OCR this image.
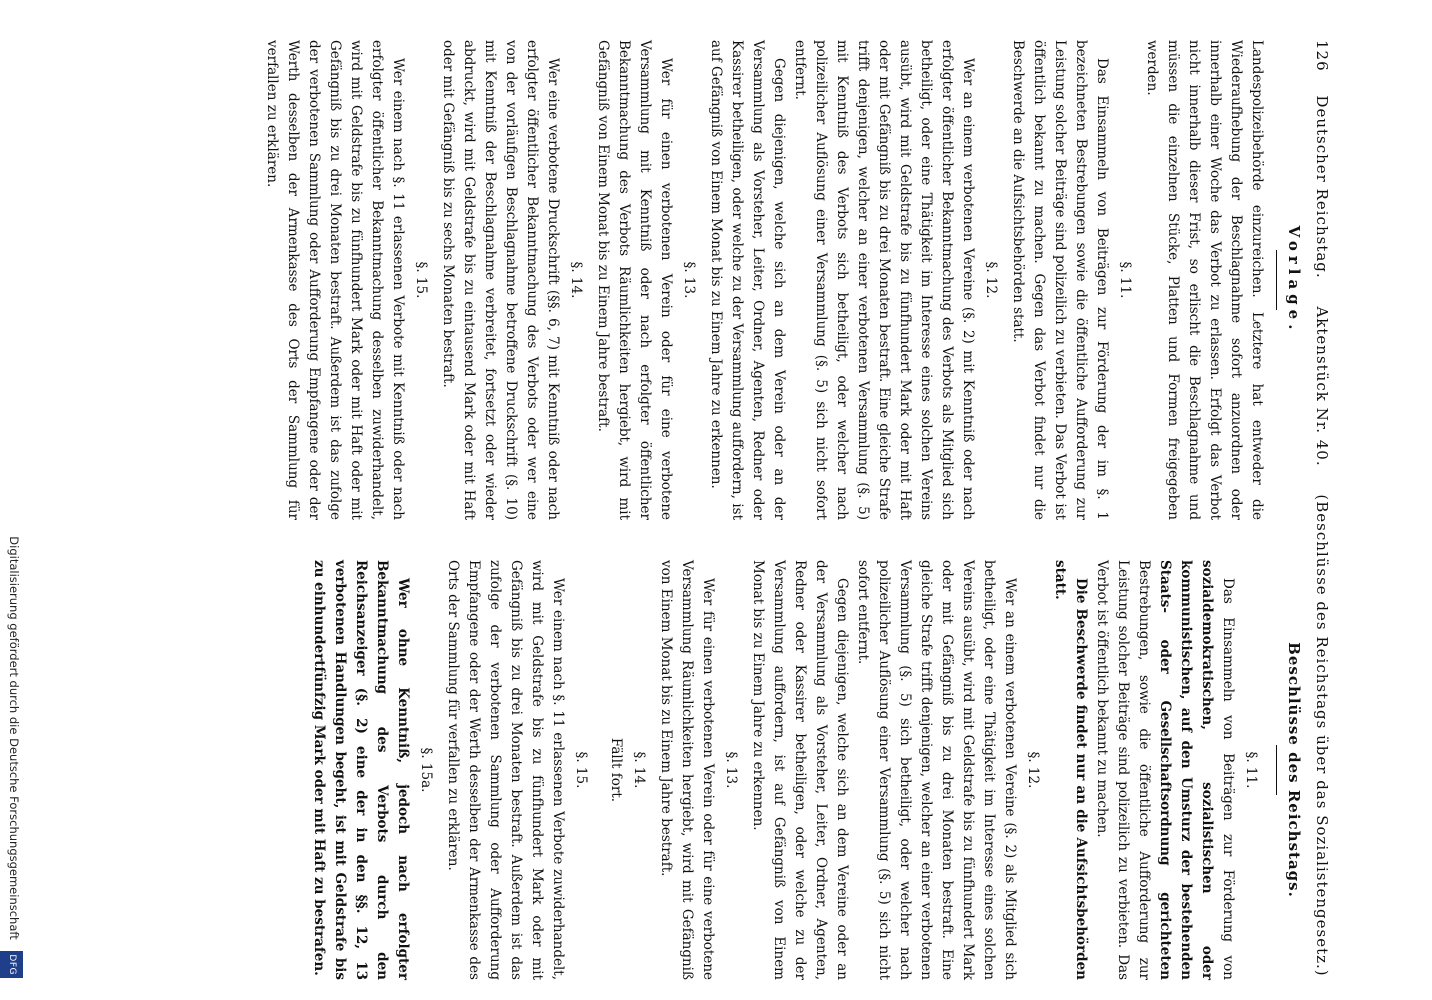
126 Deutscher Reichstag. Aktenstück Nr. 40. (Beschlüsse des Reichstags über das Sozialistengesetz.)
Vorlage.

Landespolizeibehörde einzureichen. Letztere hat entweder die Wiederaufhebung der Beschlagnahme sofort anzuordnen oder innerhalb einer Woche das Verbot zu erlassen. Erfolgt das Verbot nicht innerhalb dieser Frist, so erlischt die Beschlagnahme und müssen die einzelnen Stücke, Platten und Formen freigegeben werden.

§. 11.

Das Einsammeln von Beiträgen zur Förderung der im §. 1 bezeichneten Bestrebungen sowie die öffentliche Aufforderung zur Leistung solcher Beiträge sind polizeilich zu verbieten. Das Verbot ist öffentlich bekannt zu machen. Gegen das Verbot findet nur die Beschwerde an die Aufsichtsbehörden statt.

§. 12.

Wer an einem verbotenen Vereine (§. 2) mit Kenntniß oder nach erfolgter öffentlicher Bekanntmachung des Verbots als Mitglied sich betheiligt, oder eine Thätigkeit im Interesse eines solchen Vereins ausübt, wird mit Geldstrafe bis zu fünfhundert Mark oder mit Haft oder mit Gefängniß bis zu drei Monaten bestraft. Eine gleiche Strafe trifft denjenigen, welcher an einer verbotenen Versammlung (§. 5) mit Kenntniß des Verbots sich betheiligt, oder welcher nach polizeilicher Auflösung einer Versammlung (§. 5) sich nicht sofort entfernt.

Gegen diejenigen, welche sich an dem Verein oder an der Versammlung als Vorsteher, Leiter, Ordner, Agenten, Redner oder Kassirer betheiligen, oder welche zu der Versammlung auffordern, ist auf Gefängniß von Einem Monat bis zu Einem Jahre zu erkennen.

§. 13.

Wer für einen verbotenen Verein oder für eine verbotene Versammlung mit Kenntniß oder nach erfolgter öffentlicher Bekanntmachung des Verbots Räumlichkeiten hergiebt, wird mit Gefängniß von Einem Monat bis zu Einem Jahre bestraft.

§. 14.

Wer eine verbotene Druckschrift (§§. 6, 7) mit Kenntniß oder nach erfolgter öffentlicher Bekanntmachung des Verbots oder wer eine von der vorläufigen Beschlagnahme betroffene Druckschrift (§. 10) mit Kenntniß der Beschlagnahme verbreitet, fortsetzt oder wieder abdruckt, wird mit Geldstrafe bis zu eintausend Mark oder mit Haft oder mit Gefängniß bis zu sechs Monaten bestraft.

§. 15.

Wer einem nach §. 11 erlassenen Verbote mit Kenntniß oder nach erfolgter öffentlicher Bekanntmachung desselben zuwiderhandelt, wird mit Geldstrafe bis zu fünfhundert Mark oder mit Haft oder mit Gefängniß bis zu drei Monaten bestraft. Außerdem ist das zufolge der verbotenen Sammlung oder Aufforderung Empfangene oder der Werth desselben der Armenkasse des Orts der Sammlung für verfallen zu erklären.

Beschlüsse des Reichstags.
§. 11.

Das Einsammeln von Beiträgen zur Förderung von sozialdemokratischen, sozialistischen oder kommunistischen, auf den Umsturz der bestehenden Staats- oder Gesellschaftsordnung gerichteten Bestrebungen, sowie die öffentliche Aufforderung zur Leistung solcher Beiträge sind polizeilich zu verbieten. Das Verbot ist öffentlich bekannt zu machen.

Die Beschwerde findet nur an die Aufsichtsbehörden statt.

§. 12.

Wer an einem verbotenen Vereine (§. 2) als Mitglied sich betheiligt, oder eine Thätigkeit im Interesse eines solchen Vereins ausübt, wird mit Geldstrafe bis zu fünfhundert Mark oder mit Gefängniß bis zu drei Monaten bestraft. Eine gleiche Strafe trifft denjenigen, welcher an einer verbotenen Versammlung (§. 5) sich betheiligt, oder welcher nach polizeilicher Auflösung einer Versammlung (§. 5) sich nicht sofort entfernt.

Gegen diejenigen, welche sich an dem Vereine oder an der Versammlung als Vorsteher, Leiter, Ordner, Agenten, Redner oder Kassirer betheiligen, oder welche zu der Versammlung auffordern, ist auf Gefängniß von Einem Monat bis zu Einem Jahre zu erkennen.

§. 13.

Wer für einen verbotenen Verein oder für eine verbotene Versammlung Räumlichkeiten hergiebt, wird mit Gefängniß von Einem Monat bis zu Einem Jahre bestraft.

§. 14.
Fällt fort.
§. 15.

Wer einem nach §. 11 erlassenen Verbote zuwiderhandelt, wird mit Geldstrafe bis zu fünfhundert Mark oder mit Gefängniß bis zu drei Monaten bestraft. Außerdem ist das zufolge der verbotenen Sammlung oder Aufforderung Empfangene oder der Werth desselben der Armenkasse des Orts der Sammlung für verfallen zu erklären.

§. 15a.

Wer ohne Kenntniß, jedoch nach erfolgter Bekanntmachung des Verbots durch den Reichsanzeiger (§. 2) eine der in den §§. 12, 13 verbotenen Handlungen begeht, ist mit Geldstrafe bis zu einhundertfünfzig Mark oder mit Haft zu bestrafen.

Digitalisierung gefördert durch die Deutsche Forschungsgemeinschaft DFG
